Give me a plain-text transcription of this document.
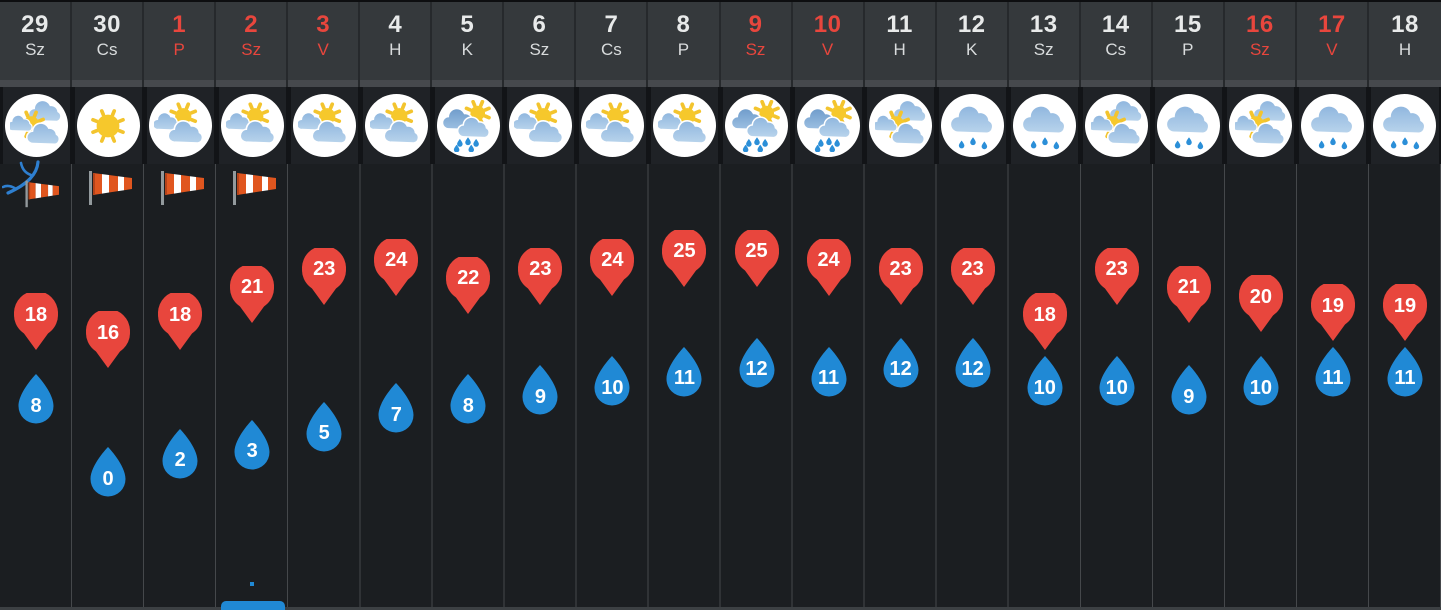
29
Sz
30
Cs
1
P
2
Sz
3
V
4
H
5
K
6
Sz
7
Cs
8
P
9
Sz
10
V
11
H
12
K
13
Sz
14
Cs
15
P
16
Sz
17
V
18
H
18
8
16
0
18
2
21
3
23
5
24
7
22
8
23
9
24
10
25
11
25
12
24
11
23
12
23
12
18
10
23
10
21
9
20
10
19
11
19
11
